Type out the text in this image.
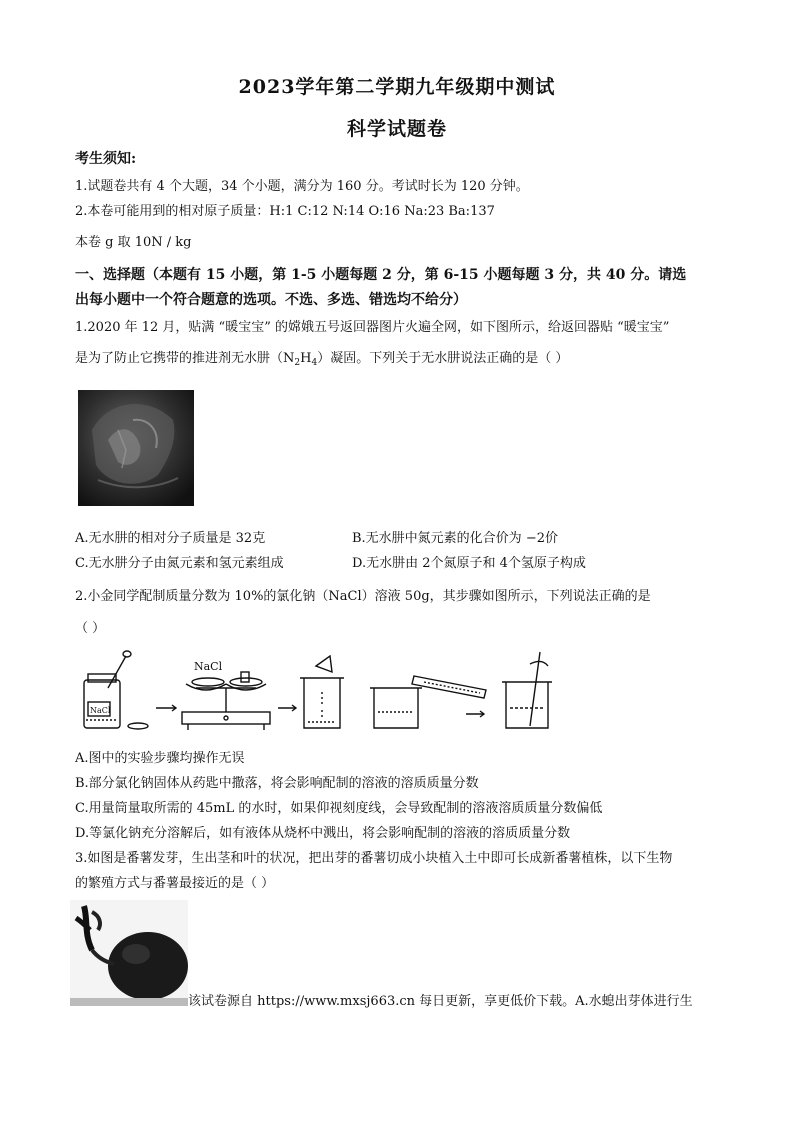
2023学年第二学期九年级期中测试
科学试题卷
考生须知:
1.试题卷共有 4 个大题，34 个小题，满分为 160 分。考试时长为 120 分钟。
2.本卷可能用到的相对原子质量：H:1 C:12 N:14 O:16 Na:23 Ba:137
本卷 g 取 10N / kg
一、选择题（本题有 15 小题，第 1-5 小题每题 2 分，第 6-15 小题每题 3 分，共 40 分。请选
出每小题中一个符合题意的选项。不选、多选、错选均不给分）
1.2020 年 12 月，贴满 “暖宝宝” 的嫦娥五号返回器图片火遍全网，如下图所示，给返回器贴 “暖宝宝”
是为了防止它携带的推进剂无水肼$(N_2H_4)$凝固。下列关于无水肼说法正确的是（ ）
A.无水肼的相对分子质量是 32克	B.无水肼中氮元素的化合价为 −2价
C.无水肼分子由氮元素和氢元素组成	D.无水肼由 2个氮原子和 4个氢原子构成
2.小金同学配制质量分数为 10%的氯化钠（NaCl）溶液 50g，其步骤如图所示，下列说法正确的是
（ ）
NaCl
NaCl
A.图中的实验步骤均操作无误
B.部分氯化钠固体从药匙中撒落，将会影响配制的溶液的溶质质量分数
C.用量筒量取所需的 45mL 的水时，如果仰视刻度线，会导致配制的溶液溶质质量分数偏低
D.等氯化钠充分溶解后，如有液体从烧杯中溅出，将会影响配制的溶液的溶质质量分数
3.如图是番薯发芽，生出茎和叶的状况，把出芽的番薯切成小块植入土中即可长成新番薯植株，以下生物
的繁殖方式与番薯最接近的是（ ）
该试卷源自 https://www.mxsj663.cn 每日更新，享更低价下载。A.水螅出芽体进行生
